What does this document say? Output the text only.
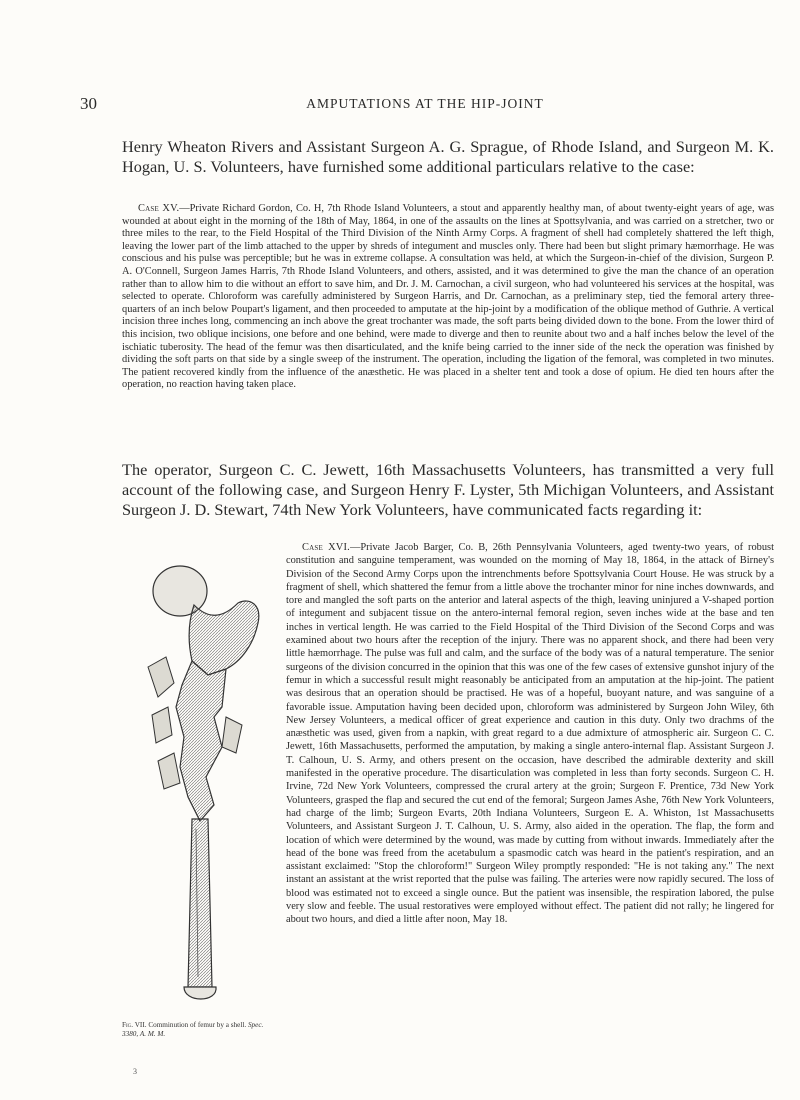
30	AMPUTATIONS AT THE HIP-JOINT

Henry Wheaton Rivers and Assistant Surgeon A. G. Sprague, of Rhode Island, and Surgeon M. K. Hogan, U. S. Volunteers, have furnished some additional particulars relative to the case:

Case XV.—Private Richard Gordon, Co. H, 7th Rhode Island Volunteers, a stout and apparently healthy man, of about twenty-eight years of age, was wounded at about eight in the morning of the 18th of May, 1864, in one of the assaults on the lines at Spottsylvania, and was carried on a stretcher, two or three miles to the rear, to the Field Hospital of the Third Division of the Ninth Army Corps. A fragment of shell had completely shattered the left thigh, leaving the lower part of the limb attached to the upper by shreds of integument and muscles only. There had been but slight primary hæmorrhage. He was conscious and his pulse was perceptible; but he was in extreme collapse. A consultation was held, at which the Surgeon-in-chief of the division, Surgeon P. A. O'Connell, Surgeon James Harris, 7th Rhode Island Volunteers, and others, assisted, and it was determined to give the man the chance of an operation rather than to allow him to die without an effort to save him, and Dr. J. M. Carnochan, a civil surgeon, who had volunteered his services at the hospital, was selected to operate. Chloroform was carefully administered by Surgeon Harris, and Dr. Carnochan, as a preliminary step, tied the femoral artery three-quarters of an inch below Poupart's ligament, and then proceeded to amputate at the hip-joint by a modification of the oblique method of Guthrie. A vertical incision three inches long, commencing an inch above the great trochanter was made, the soft parts being divided down to the bone. From the lower third of this incision, two oblique incisions, one before and one behind, were made to diverge and then to reunite about two and a half inches below the level of the ischiatic tuberosity. The head of the femur was then disarticulated, and the knife being carried to the inner side of the neck the operation was finished by dividing the soft parts on that side by a single sweep of the instrument. The operation, including the ligation of the femoral, was completed in two minutes. The patient recovered kindly from the influence of the anæsthetic. He was placed in a shelter tent and took a dose of opium. He died ten hours after the operation, no reaction having taken place.

The operator, Surgeon C. C. Jewett, 16th Massachusetts Volunteers, has transmitted a very full account of the following case, and Surgeon Henry F. Lyster, 5th Michigan Volunteers, and Assistant Surgeon J. D. Stewart, 74th New York Volunteers, have communicated facts regarding it:

Fig. VII. Comminution of femur by a shell. Spec. 3380, A. M. M.

Case XVI.—Private Jacob Barger, Co. B, 26th Pennsylvania Volunteers, aged twenty-two years, of robust constitution and sanguine temperament, was wounded on the morning of May 18, 1864, in the attack of Birney's Division of the Second Army Corps upon the intrenchments before Spottsylvania Court House. He was struck by a fragment of shell, which shattered the femur from a little above the trochanter minor for nine inches downwards, and tore and mangled the soft parts on the anterior and lateral aspects of the thigh, leaving uninjured a V-shaped portion of integument and subjacent tissue on the antero-internal femoral region, seven inches wide at the base and ten inches in vertical length. He was carried to the Field Hospital of the Third Division of the Second Corps and was examined about two hours after the reception of the injury. There was no apparent shock, and there had been very little hæmorrhage. The pulse was full and calm, and the surface of the body was of a natural temperature. The senior surgeons of the division concurred in the opinion that this was one of the few cases of extensive gunshot injury of the femur in which a successful result might reasonably be anticipated from an amputation at the hip-joint. The patient was desirous that an operation should be practised. He was of a hopeful, buoyant nature, and was sanguine of a favorable issue. Amputation having been decided upon, chloroform was administered by Surgeon John Wiley, 6th New Jersey Volunteers, a medical officer of great experience and caution in this duty. Only two drachms of the anæsthetic was used, given from a napkin, with great regard to a due admixture of atmospheric air. Surgeon C. C. Jewett, 16th Massachusetts, performed the amputation, by making a single antero-internal flap. Assistant Surgeon J. T. Calhoun, U. S. Army, and others present on the occasion, have described the admirable dexterity and skill manifested in the operative procedure. The disarticulation was completed in less than forty seconds. Surgeon C. H. Irvine, 72d New York Volunteers, compressed the crural artery at the groin; Surgeon F. Prentice, 73d New York Volunteers, grasped the flap and secured the cut end of the femoral; Surgeon James Ashe, 76th New York Volunteers, had charge of the limb; Surgeon Evarts, 20th Indiana Volunteers, Surgeon E. A. Whiston, 1st Massachusetts Volunteers, and Assistant Surgeon J. T. Calhoun, U. S. Army, also aided in the operation. The flap, the form and location of which were determined by the wound, was made by cutting from without inwards. Immediately after the head of the bone was freed from the acetabulum a spasmodic catch was heard in the patient's respiration, and an assistant exclaimed: "Stop the chloroform!" Surgeon Wiley promptly responded: "He is not taking any." The next instant an assistant at the wrist reported that the pulse was failing. The arteries were now rapidly secured. The loss of blood was estimated not to exceed a single ounce. But the patient was insensible, the respiration labored, the pulse very slow and feeble. The usual restoratives were employed without effect. The patient did not rally; he lingered for about two hours, and died a little after noon, May 18.

3
